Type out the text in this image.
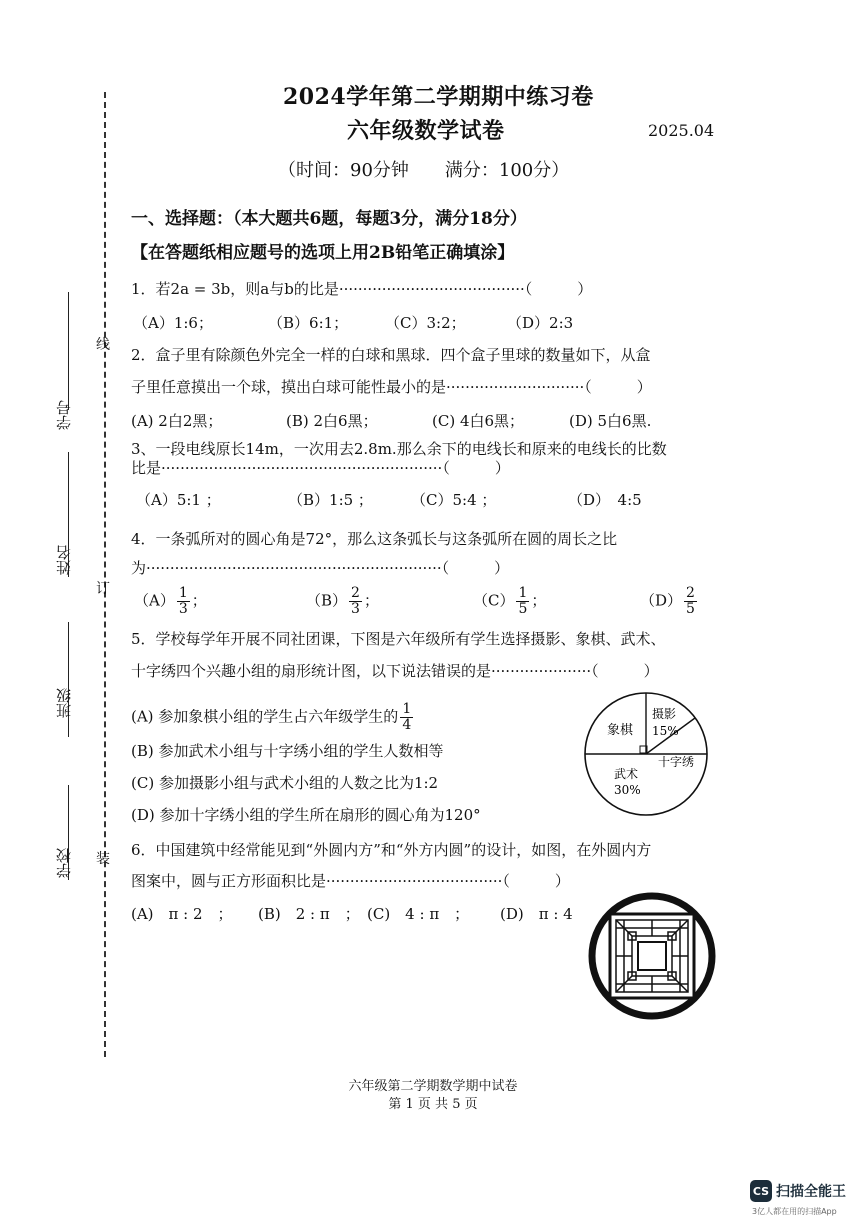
线
订
装
学号
姓名
班级
学校
2024学年第二学期期中练习卷
六年级数学试卷	2025.04
（时间：90分钟　　满分：100分）
一、选择题：（本大题共6题，每题3分，满分18分）
【在答题纸相应题号的选项上用2B铅笔正确填涂】
1．若2a = 3b，则a与b的比是·······································（　　　）
（A）1:6；	（B）6:1； （C）3:2；	（D）2:3
2．盒子里有除颜色外完全一样的白球和黑球．四个盒子里球的数量如下，从盒
子里任意摸出一个球，摸出白球可能性最小的是·····························（　　　）
(A) 2白2黑；	(B) 2白6黑；	(C) 4白6黑；	(D) 5白6黑.
3、一段电线原长14m，一次用去2.8m.那么余下的电线长和原来的电线长的比数
比是···························································（　　　）
（A）5:1 ；	（B）1:5 ；	（C）5:4 ；	（D）　4:5
4．一条弧所对的圆心角是72°，那么这条弧长与这条弧所在圆的周长之比
为······························································（　　　）
$(A) \frac{1}{3}$ ；	$(B) \frac{2}{3}$ ；	$(C) \frac{1}{5}$ ；	$(D) \frac{2}{5}$
5．学校每学年开展不同社团课，下图是六年级所有学生选择摄影、象棋、武术、
十字绣四个兴趣小组的扇形统计图，以下说法错误的是·····················（　　　）
(A) 参加象棋小组的学生占六年级学生的 $\frac{1}{4}$
(B) 参加武术小组与十字绣小组的学生人数相等
(C) 参加摄影小组与武术小组的人数之比为1:2
(D) 参加十字绣小组的学生所在扇形的圆心角为120°
象棋
摄影
15%
十字绣
武术
30%
6．中国建筑中经常能见到“外圆内方”和“外方内圆”的设计，如图，在外圆内方
图案中，圆与正方形面积比是·····································（　　　）
(A)　π : 2　； (B)　2 : π　； (C)　4 : π　； (D)　π : 4
六年级第二学期数学期中试卷
第 1 页 共 5 页
CS 扫描全能王
3亿人都在用的扫描App
